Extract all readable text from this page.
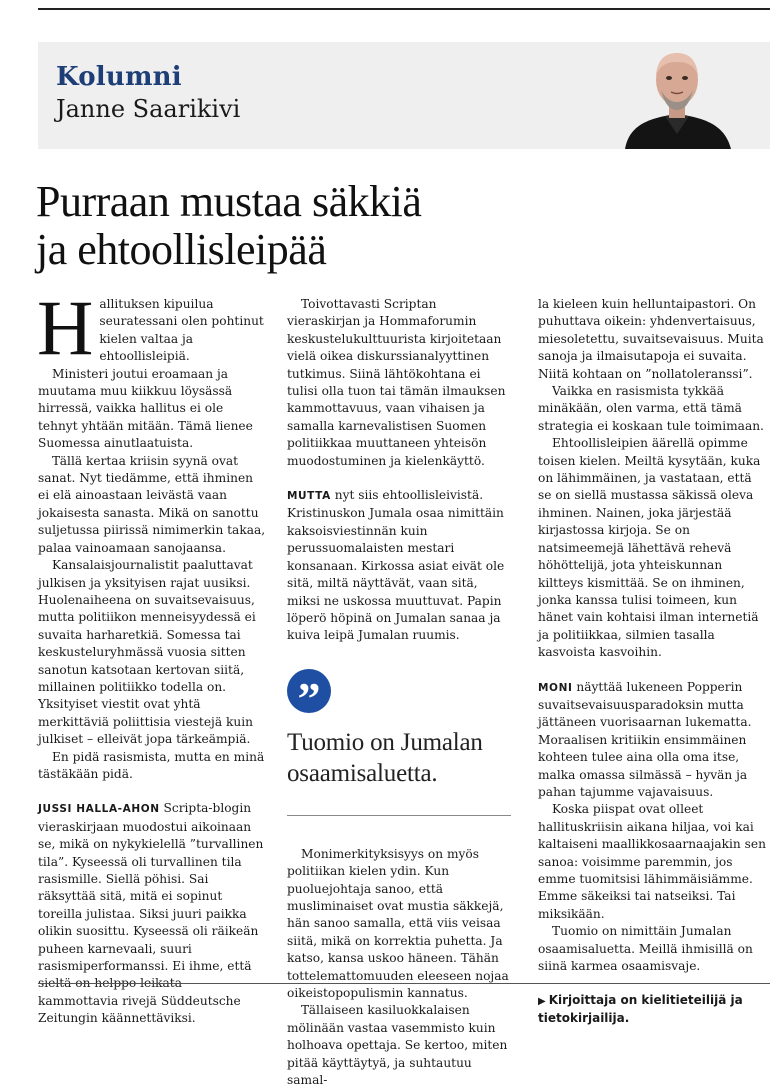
Kolumni
Janne Saarikivi
Purraan mustaa säkkiä
ja ehtoollisleipää

Hallituksen kipuilua seuratessani olen pohtinut kielen valtaa ja ehtoollisleipiä.

Ministeri joutui eroamaan ja muutama muu kiikkuu löysässä hirressä, vaikka hallitus ei ole tehnyt yhtään mitään. Tämä lienee Suomessa ainutlaatuista.

Tällä kertaa kriisin syynä ovat sanat. Nyt tiedämme, että ihminen ei elä ainoastaan leivästä vaan jokaisesta sanasta. Mikä on sanottu suljetussa piirissä nimimerkin takaa, palaa vainoamaan sanojaansa.

Kansalaisjournalistit paaluttavat julkisen ja yksityisen rajat uusiksi. Huolenaiheena on suvaitsevaisuus, mutta politiikon menneisyydessä ei suvaita harharetkiä. Somessa tai keskusteluryhmässä vuosia sitten sanotun katsotaan kertovan siitä, millainen politiikko todella on. Yksityiset viestit ovat yhtä merkittäviä poliittisia viestejä kuin julkiset – elleivät jopa tärkeämpiä.

En pidä rasismista, mutta en minä tästäkään pidä.

JUSSI HALLA-AHON Scripta-blogin vieraskirjaan muodostui aikoinaan se, mikä on nykykielellä ”turvallinen tila”. Kyseessä oli turvallinen tila rasismille. Siellä pöhisi. Sai räksyttää sitä, mitä ei sopinut toreilla julistaa. Siksi juuri paikka olikin suosittu. Kyseessä oli räikeän puheen karnevaali, suuri rasismiperformanssi. Ei ihme, että sieltä on helppo leikata kammottavia rivejä Süddeutsche Zeitungin käännettäviksi.

Toivottavasti Scriptan vieraskirjan ja Hommaforumin keskustelukulttuurista kirjoitetaan vielä oikea diskurssianalyyttinen tutkimus. Siinä lähtökohtana ei tulisi olla tuon tai tämän ilmauksen kammottavuus, vaan vihaisen ja samalla karnevalistisen Suomen politiikkaa muuttaneen yhteisön muodostuminen ja kielenkäyttö.

MUTTA nyt siis ehtoollisleivistä. Kristinuskon Jumala osaa nimittäin kaksoisviestinnän kuin perussuomalaisten mestari konsanaan. Kirkossa asiat eivät ole sitä, miltä näyttävät, vaan sitä, miksi ne uskossa muuttuvat. Papin löperö höpinä on Jumalan sanaa ja kuiva leipä Jumalan ruumis.

”
Tuomio on Jumalan osaamisaluetta.

Monimerkityksisyys on myös politiikan kielen ydin. Kun puoluejohtaja sanoo, että musliminaiset ovat mustia säkkejä, hän sanoo samalla, että viis veisaa siitä, mikä on korrektia puhetta. Ja katso, kansa uskoo häneen. Tähän tottelemattomuuden eleeseen nojaa oikeistopopulismin kannatus.

Tällaiseen kasiluokkalaisen mölinään vastaa vasemmisto kuin holhoava opettaja. Se kertoo, miten pitää käyttäytyä, ja suhtautuu samal-

la kieleen kuin helluntaipastori. On puhuttava oikein: yhdenvertaisuus, miesoletettu, suvaitsevaisuus. Muita sanoja ja ilmaisutapoja ei suvaita. Niitä kohtaan on ”nollatoleranssi”.

Vaikka en rasismista tykkää minäkään, olen varma, että tämä strategia ei koskaan tule toimimaan.

Ehtoollisleipien äärellä opimme toisen kielen. Meiltä kysytään, kuka on lähimmäinen, ja vastataan, että se on siellä mustassa säkissä oleva ihminen. Nainen, joka järjestää kirjastossa kirjoja. Se on natsimeemejä lähettävä rehevä höhöttelijä, jota yhteiskunnan kiltteys kismittää. Se on ihminen, jonka kanssa tulisi toimeen, kun hänet vain kohtaisi ilman internetiä ja politiikkaa, silmien tasalla kasvoista kasvoihin.

MONI näyttää lukeneen Popperin suvaitsevaisuusparadoksin mutta jättäneen vuorisaarnan lukematta. Moraalisen kritiikin ensimmäinen kohteen tulee aina olla oma itse, malka omassa silmässä – hyvän ja pahan tajumme vajavaisuus.

Koska piispat ovat olleet hallituskriisin aikana hiljaa, voi kai kaltaiseni maallikkosaarnaajakin sen sanoa: voisimme paremmin, jos emme tuomitsisi lähimmäisiämme. Emme säkeiksi tai natseiksi. Tai miksikään.

Tuomio on nimittäin Jumalan osaamisaluetta. Meillä ihmisillä on siinä karmea osaamisvaje.

▶ Kirjoittaja on kielitieteilijä ja tietokirjailija.
